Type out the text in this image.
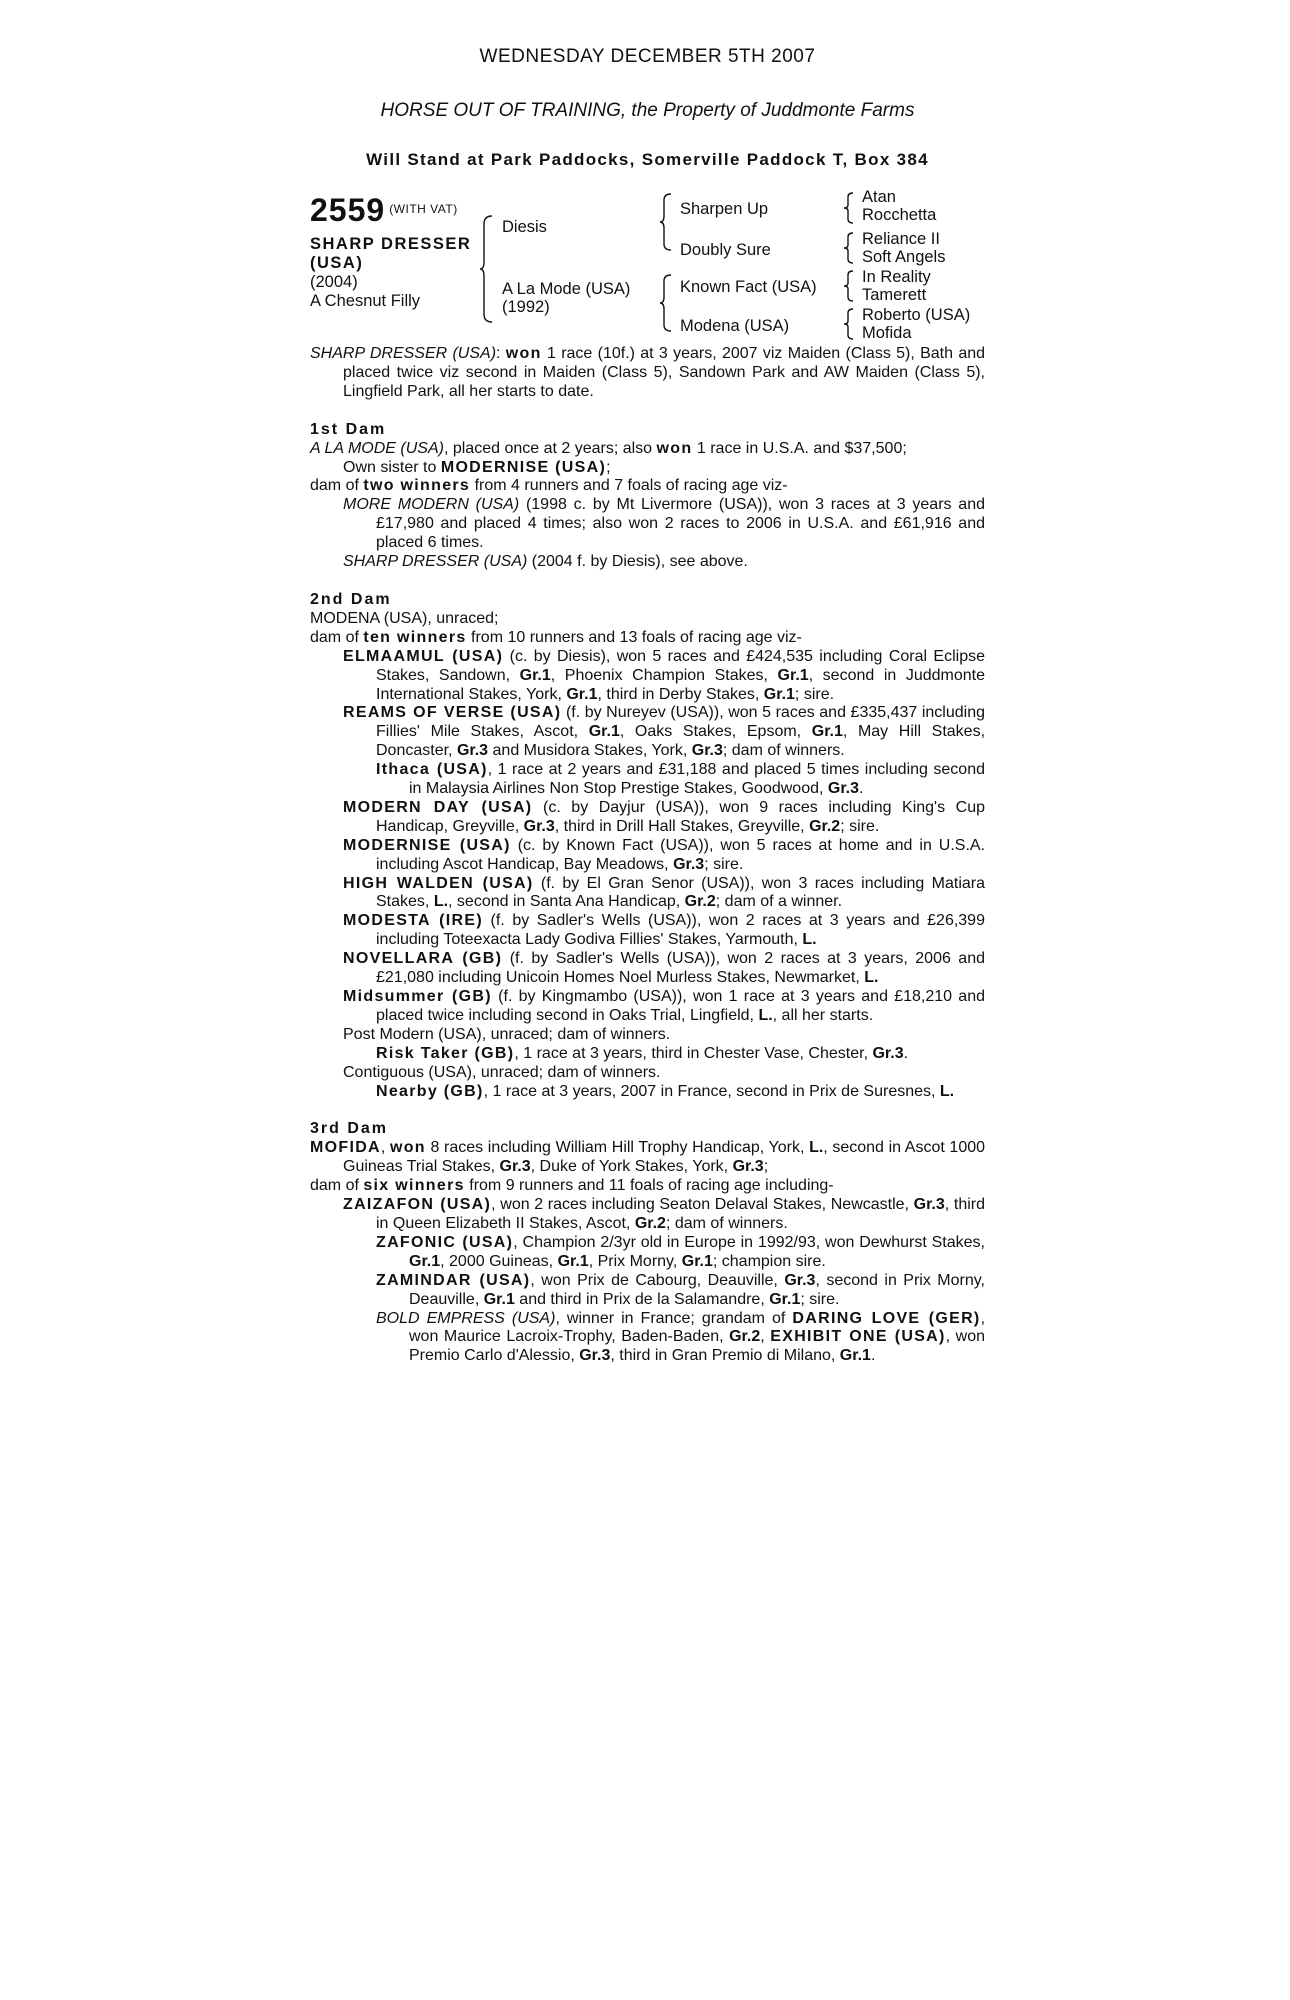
WEDNESDAY DECEMBER 5TH 2007
HORSE OUT OF TRAINING, the Property of Juddmonte Farms
Will Stand at Park Paddocks, Somerville Paddock T, Box 384
2559 $^{(WITH VAT)}$
SHARP DRESSER
(USA)
(2004)
A Chesnut Filly
Diesis
A La Mode (USA)
(1992)
Sharpen Up
Doubly Sure
Known Fact (USA)
Modena (USA)
Atan
Rocchetta
Reliance II
Soft Angels
In Reality
Tamerett
Roberto (USA)
Mofida

SHARP DRESSER (USA): won 1 race (10f.) at 3 years, 2007 viz Maiden (Class 5), Bath and placed twice viz second in Maiden (Class 5), Sandown Park and AW Maiden (Class 5), Lingfield Park, all her starts to date.

1st Dam

A LA MODE (USA), placed once at 2 years; also won 1 race in U.S.A. and $37,500;
Own sister to MODERNISE (USA);

dam of two winners from 4 runners and 7 foals of racing age viz-

MORE MODERN (USA) (1998 c. by Mt Livermore (USA)), won 3 races at 3 years and £17,980 and placed 4 times; also won 2 races to 2006 in U.S.A. and £61,916 and placed 6 times.

SHARP DRESSER (USA) (2004 f. by Diesis), see above.

2nd Dam

MODENA (USA), unraced;

dam of ten winners from 10 runners and 13 foals of racing age viz-

ELMAAMUL (USA) (c. by Diesis), won 5 races and £424,535 including Coral Eclipse Stakes, Sandown, Gr.1, Phoenix Champion Stakes, Gr.1, second in Juddmonte International Stakes, York, Gr.1, third in Derby Stakes, Gr.1; sire.

REAMS OF VERSE (USA) (f. by Nureyev (USA)), won 5 races and £335,437 including Fillies' Mile Stakes, Ascot, Gr.1, Oaks Stakes, Epsom, Gr.1, May Hill Stakes, Doncaster, Gr.3 and Musidora Stakes, York, Gr.3; dam of winners.

Ithaca (USA), 1 race at 2 years and £31,188 and placed 5 times including second in Malaysia Airlines Non Stop Prestige Stakes, Goodwood, Gr.3.

MODERN DAY (USA) (c. by Dayjur (USA)), won 9 races including King's Cup Handicap, Greyville, Gr.3, third in Drill Hall Stakes, Greyville, Gr.2; sire.

MODERNISE (USA) (c. by Known Fact (USA)), won 5 races at home and in U.S.A. including Ascot Handicap, Bay Meadows, Gr.3; sire.

HIGH WALDEN (USA) (f. by El Gran Senor (USA)), won 3 races including Matiara Stakes, L., second in Santa Ana Handicap, Gr.2; dam of a winner.

MODESTA (IRE) (f. by Sadler's Wells (USA)), won 2 races at 3 years and £26,399 including Toteexacta Lady Godiva Fillies' Stakes, Yarmouth, L.

NOVELLARA (GB) (f. by Sadler's Wells (USA)), won 2 races at 3 years, 2006 and £21,080 including Unicoin Homes Noel Murless Stakes, Newmarket, L.

Midsummer (GB) (f. by Kingmambo (USA)), won 1 race at 3 years and £18,210 and placed twice including second in Oaks Trial, Lingfield, L., all her starts.

Post Modern (USA), unraced; dam of winners.

Risk Taker (GB), 1 race at 3 years, third in Chester Vase, Chester, Gr.3.

Contiguous (USA), unraced; dam of winners.

Nearby (GB), 1 race at 3 years, 2007 in France, second in Prix de Suresnes, L.

3rd Dam

MOFIDA, won 8 races including William Hill Trophy Handicap, York, L., second in Ascot 1000 Guineas Trial Stakes, Gr.3, Duke of York Stakes, York, Gr.3;

dam of six winners from 9 runners and 11 foals of racing age including-

ZAIZAFON (USA), won 2 races including Seaton Delaval Stakes, Newcastle, Gr.3, third in Queen Elizabeth II Stakes, Ascot, Gr.2; dam of winners.

ZAFONIC (USA), Champion 2/3yr old in Europe in 1992/93, won Dewhurst Stakes, Gr.1, 2000 Guineas, Gr.1, Prix Morny, Gr.1; champion sire.

ZAMINDAR (USA), won Prix de Cabourg, Deauville, Gr.3, second in Prix Morny, Deauville, Gr.1 and third in Prix de la Salamandre, Gr.1; sire.

BOLD EMPRESS (USA), winner in France; grandam of DARING LOVE (GER), won Maurice Lacroix-Trophy, Baden-Baden, Gr.2, EXHIBIT ONE (USA), won Premio Carlo d'Alessio, Gr.3, third in Gran Premio di Milano, Gr.1.
